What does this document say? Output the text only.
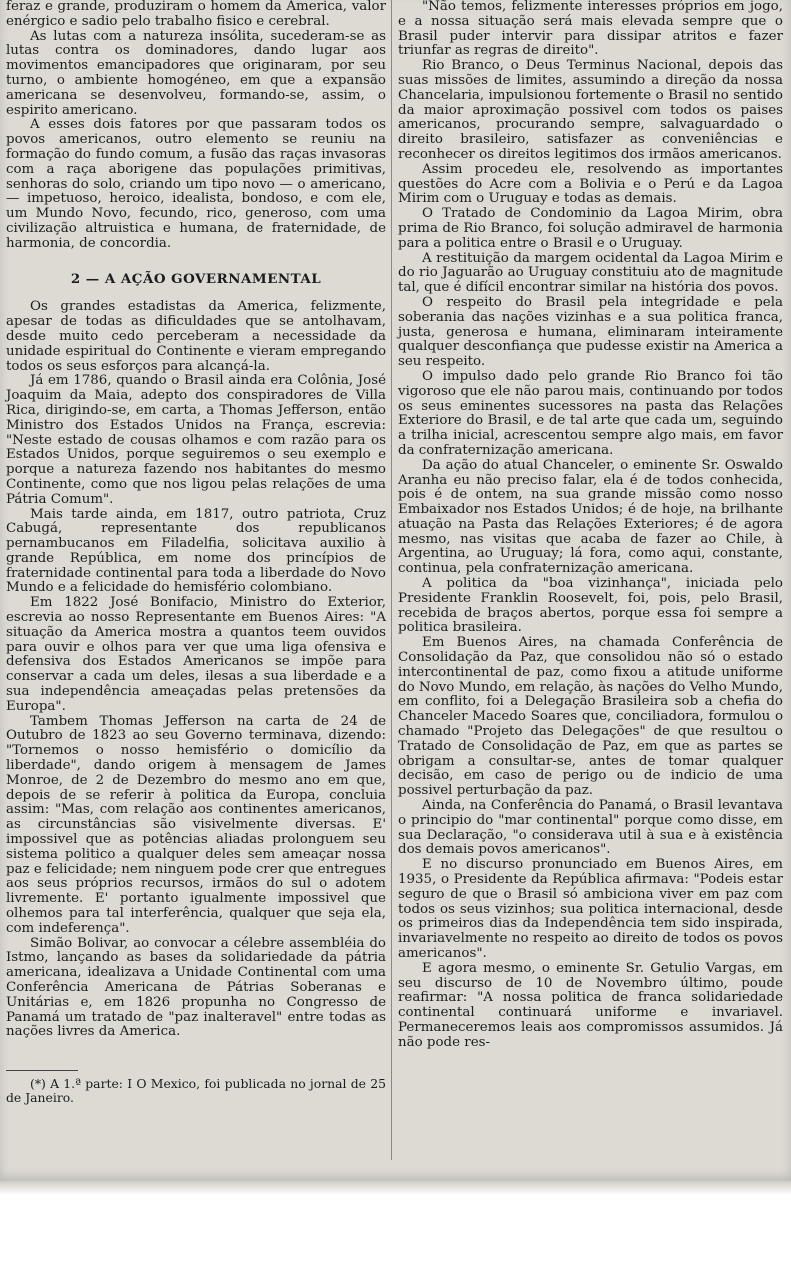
feraz e grande, produziram o homem da America, valor enérgico e sadio pelo trabalho fisico e cerebral.

As lutas com a natureza insólita, sucederam-se as lutas contra os dominadores, dando lugar aos movimentos emancipadores que originaram, por seu turno, o ambiente homogéneo, em que a expansão americana se desenvolveu, formando-se, assim, o espirito americano.

A esses dois fatores por que passaram todos os povos americanos, outro elemento se reuniu na formação do fundo comum, a fusão das raças invasoras com a raça aborigene das populações primitivas, senhoras do solo, criando um tipo novo — o americano, — impetuoso, heroico, idealista, bondoso, e com ele, um Mundo Novo, fecundo, rico, generoso, com uma civilização altruistica e humana, de fraternidade, de harmonia, de concordia.

2 — A AÇÃO GOVERNAMENTAL

Os grandes estadistas da America, felizmente, apesar de todas as dificuldades que se antolhavam, desde muito cedo perceberam a necessidade da unidade espiritual do Continente e vieram empregando todos os seus esforços para alcançá-la.

Já em 1786, quando o Brasil ainda era Colônia, José Joaquim da Maia, adepto dos conspiradores de Villa Rica, dirigindo-se, em carta, a Thomas Jefferson, então Ministro dos Estados Unidos na França, escrevia: "Neste estado de cousas olhamos e com razão para os Estados Unidos, porque seguiremos o seu exemplo e porque a natureza fazendo nos habitantes do mesmo Continente, como que nos ligou pelas relações de uma Pátria Comum".

Mais tarde ainda, em 1817, outro patriota, Cruz Cabugá, representante dos republicanos pernambucanos em Filadelfia, solicitava auxilio à grande República, em nome dos princípios de fraternidade continental para toda a liberdade do Novo Mundo e a felicidade do hemisfério colombiano.

Em 1822 José Bonifacio, Ministro do Exterior, escrevia ao nosso Representante em Buenos Aires: "A situação da America mostra a quantos teem ouvidos para ouvir e olhos para ver que uma liga ofensiva e defensiva dos Estados Americanos se impõe para conservar a cada um deles, ilesas a sua liberdade e a sua independência ameaçadas pelas pretensões da Europa".

Tambem Thomas Jefferson na carta de 24 de Outubro de 1823 ao seu Governo terminava, dizendo: "Tornemos o nosso hemisfério o domicílio da liberdade", dando origem à mensagem de James Monroe, de 2 de Dezembro do mesmo ano em que, depois de se referir à politica da Europa, concluia assim: "Mas, com relação aos continentes americanos, as circunstâncias são visivelmente diversas. E' impossivel que as potências aliadas prolonguem seu sistema politico a qualquer deles sem ameaçar nossa paz e felicidade; nem ninguem pode crer que entregues aos seus próprios recursos, irmãos do sul o adotem livremente. E' portanto igualmente impossivel que olhemos para tal interferência, qualquer que seja ela, com indeferença".

Simão Bolivar, ao convocar a célebre assembléia do Istmo, lançando as bases da solidariedade da pátria americana, idealizava a Unidade Continental com uma Conferência Americana de Pátrias Soberanas e Unitárias e, em 1826 propunha no Congresso de Panamá um tratado de "paz inalteravel" entre todas as nações livres da America.

(*) A 1.ª parte: I O Mexico, foi publicada no jornal de 25 de Janeiro.

"Não temos, felizmente interesses próprios em jogo, e a nossa situação será mais elevada sempre que o Brasil puder intervir para dissipar atritos e fazer triunfar as regras de direito".

Rio Branco, o Deus Terminus Nacional, depois das suas missões de limites, assumindo a direção da nossa Chancelaria, impulsionou fortemente o Brasil no sentido da maior aproximação possivel com todos os paises americanos, procurando sempre, salvaguardado o direito brasileiro, satisfazer as conveniências e reconhecer os direitos legitimos dos irmãos americanos.

Assim procedeu ele, resolvendo as importantes questões do Acre com a Bolivia e o Perú e da Lagoa Mirim com o Uruguay e todas as demais.

O Tratado de Condominio da Lagoa Mirim, obra prima de Rio Branco, foi solução admiravel de harmonia para a politica entre o Brasil e o Uruguay.

A restituição da margem ocidental da Lagoa Mirim e do rio Jaguarão ao Uruguay constituiu ato de magnitude tal, que é difícil encontrar similar na história dos povos.

O respeito do Brasil pela integridade e pela soberania das nações vizinhas e a sua politica franca, justa, generosa e humana, eliminaram inteiramente qualquer desconfiança que pudesse existir na America a seu respeito.

O impulso dado pelo grande Rio Branco foi tão vigoroso que ele não parou mais, continuando por todos os seus eminentes sucessores na pasta das Relações Exteriore do Brasil, e de tal arte que cada um, seguindo a trilha inicial, acrescentou sempre algo mais, em favor da confraternização americana.

Da ação do atual Chanceler, o eminente Sr. Oswaldo Aranha eu não preciso falar, ela é de todos conhecida, pois é de ontem, na sua grande missão como nosso Embaixador nos Estados Unidos; é de hoje, na brilhante atuação na Pasta das Relações Exteriores; é de agora mesmo, nas visitas que acaba de fazer ao Chile, à Argentina, ao Uruguay; lá fora, como aqui, constante, continua, pela confraternização americana.

A politica da "boa vizinhança", iniciada pelo Presidente Franklin Roosevelt, foi, pois, pelo Brasil, recebida de braços abertos, porque essa foi sempre a politica brasileira.

Em Buenos Aires, na chamada Conferência de Consolidação da Paz, que consolidou não só o estado intercontinental de paz, como fixou a atitude uniforme do Novo Mundo, em relação, às nações do Velho Mundo, em conflito, foi a Delegação Brasileira sob a chefia do Chanceler Macedo Soares que, conciliadora, formulou o chamado "Projeto das Delegações" de que resultou o Tratado de Consolidação de Paz, em que as partes se obrigam a consultar-se, antes de tomar qualquer decisão, em caso de perigo ou de indicio de uma possivel perturbação da paz.

Ainda, na Conferência do Panamá, o Brasil levantava o principio do "mar continental" porque como disse, em sua Declaração, "o considerava util à sua e à existência dos demais povos americanos".

E no discurso pronunciado em Buenos Aires, em 1935, o Presidente da República afirmava: "Podeis estar seguro de que o Brasil só ambiciona viver em paz com todos os seus vizinhos; sua politica internacional, desde os primeiros dias da Independência tem sido inspirada, invariavelmente no respeito ao direito de todos os povos americanos".

E agora mesmo, o eminente Sr. Getulio Vargas, em seu discurso de 10 de Novembro último, poude reafirmar: "A nossa politica de franca solidariedade continental continuará uniforme e invariavel. Permaneceremos leais aos compromissos assumidos. Já não pode res-
